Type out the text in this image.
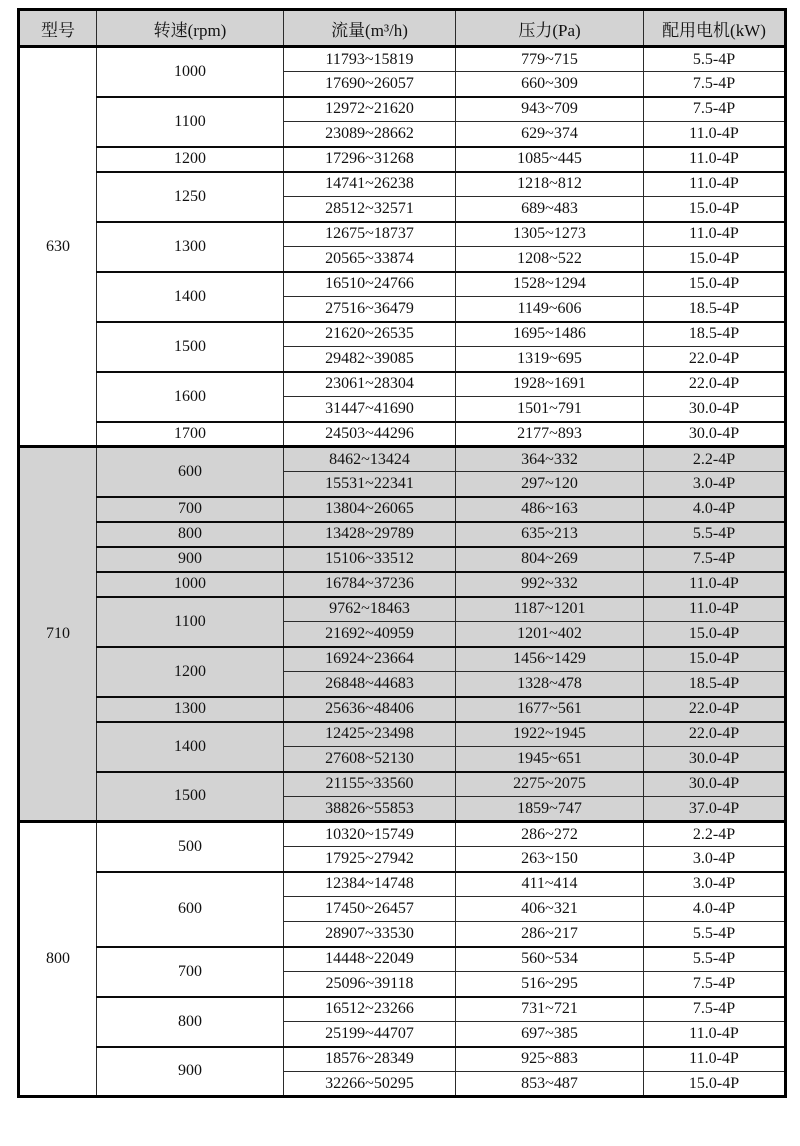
型号	转速(rpm)	流量(m³/h)	压力(Pa)	配用电机(kW)
630	1000	11793~15819	779~715	5.5-4P
		17690~26057	660~309	7.5-4P
	1100	12972~21620	943~709	7.5-4P
		23089~28662	629~374	11.0-4P
	1200	17296~31268	1085~445	11.0-4P
	1250	14741~26238	1218~812	11.0-4P
		28512~32571	689~483	15.0-4P
	1300	12675~18737	1305~1273	11.0-4P
		20565~33874	1208~522	15.0-4P
	1400	16510~24766	1528~1294	15.0-4P
		27516~36479	1149~606	18.5-4P
	1500	21620~26535	1695~1486	18.5-4P
		29482~39085	1319~695	22.0-4P
	1600	23061~28304	1928~1691	22.0-4P
		31447~41690	1501~791	30.0-4P
	1700	24503~44296	2177~893	30.0-4P
710	600	8462~13424	364~332	2.2-4P
		15531~22341	297~120	3.0-4P
	700	13804~26065	486~163	4.0-4P
	800	13428~29789	635~213	5.5-4P
	900	15106~33512	804~269	7.5-4P
	1000	16784~37236	992~332	11.0-4P
	1100	9762~18463	1187~1201	11.0-4P
		21692~40959	1201~402	15.0-4P
	1200	16924~23664	1456~1429	15.0-4P
		26848~44683	1328~478	18.5-4P
	1300	25636~48406	1677~561	22.0-4P
	1400	12425~23498	1922~1945	22.0-4P
		27608~52130	1945~651	30.0-4P
	1500	21155~33560	2275~2075	30.0-4P
		38826~55853	1859~747	37.0-4P
800	500	10320~15749	286~272	2.2-4P
		17925~27942	263~150	3.0-4P
	600	12384~14748	411~414	3.0-4P
		17450~26457	406~321	4.0-4P
		28907~33530	286~217	5.5-4P
	700	14448~22049	560~534	5.5-4P
		25096~39118	516~295	7.5-4P
	800	16512~23266	731~721	7.5-4P
		25199~44707	697~385	11.0-4P
	900	18576~28349	925~883	11.0-4P
		32266~50295	853~487	15.0-4P
